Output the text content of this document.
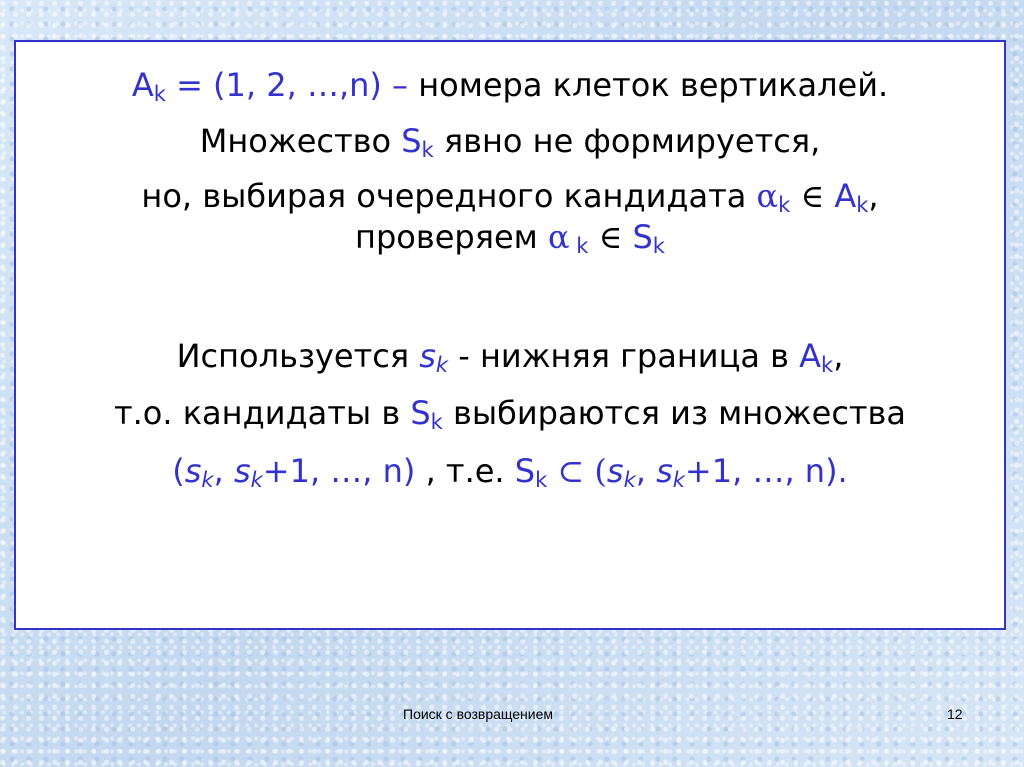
$A_k = (1$, 2, …,n) – номера клеток вертикалей.
Множество $S_k$ явно не формируется,
но, выбирая очередного кандидата $\alpha_k$ ∈ $A_k$,
проверяем α $_k$ ∈ $S_k$
Используется $s_k$ - нижняя граница в $A_k$,
т.о. кандидаты в $S_k$ выбираются из множества
($s_k$, $s_k+1$, …, n) , т.е. $S_k$ ⊂ ($s_k$, $s_k+1$, …, n).
Поиск с возвращением	12
